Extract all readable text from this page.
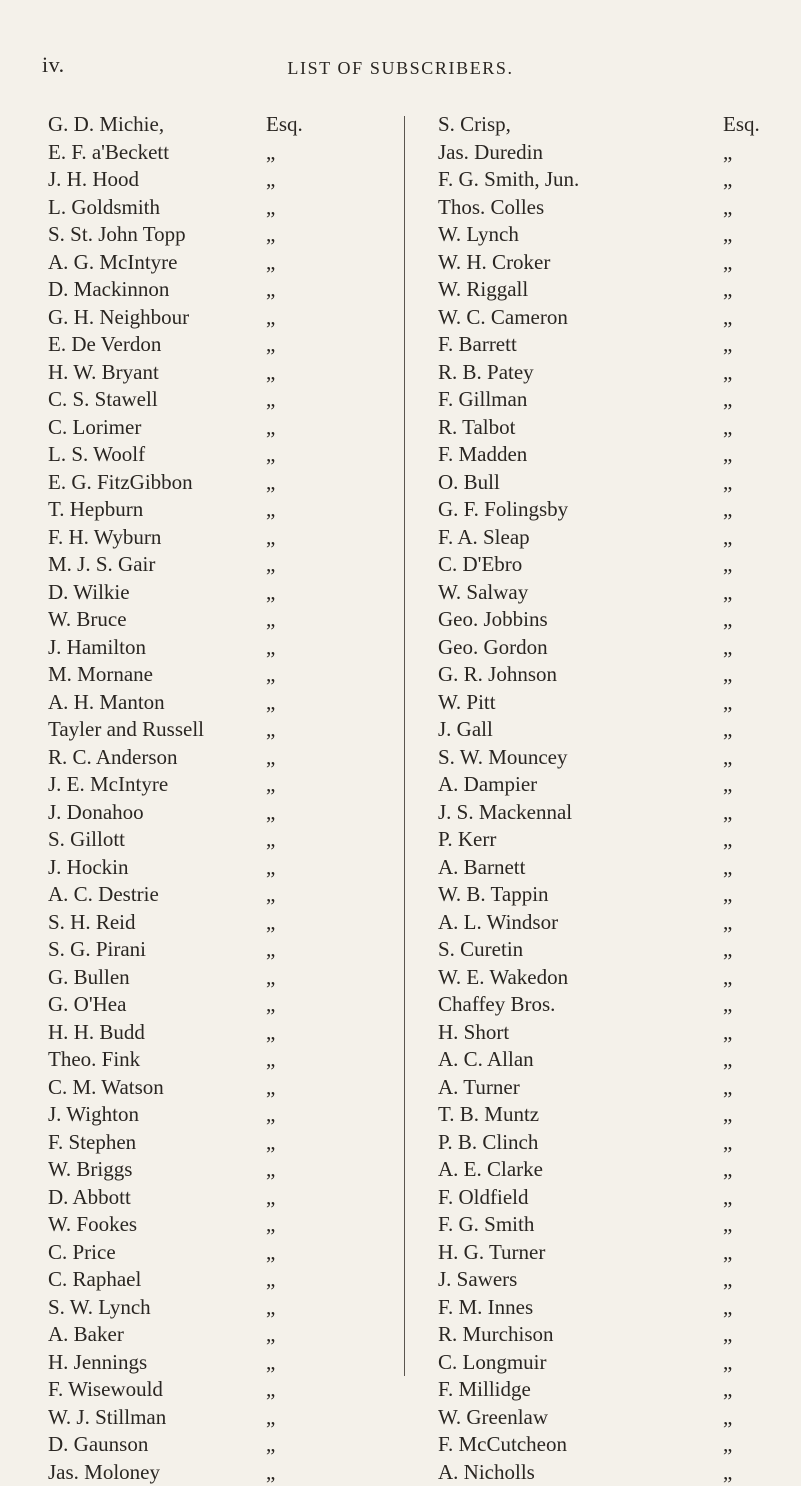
iv.	LIST OF SUBSCRIBERS.
G. D. Michie,	Esq.
E. F. a'Beckett	„
J. H. Hood	„
L. Goldsmith	„
S. St. John Topp	„
A. G. McIntyre	„
D. Mackinnon	„
G. H. Neighbour	„
E. De Verdon	„
H. W. Bryant	„
C. S. Stawell	„
C. Lorimer	„
L. S. Woolf	„
E. G. FitzGibbon	„
T. Hepburn	„
F. H. Wyburn	„
M. J. S. Gair	„
D. Wilkie	„
W. Bruce	„
J. Hamilton	„
M. Mornane	„
A. H. Manton	„
Tayler and Russell	„
R. C. Anderson	„
J. E. McIntyre	„
J. Donahoo	„
S. Gillott	„
J. Hockin	„
A. C. Destrie	„
S. H. Reid	„
S. G. Pirani	„
G. Bullen	„
G. O'Hea	„
H. H. Budd	„
Theo. Fink	„
C. M. Watson	„
J. Wighton	„
F. Stephen	„
W. Briggs	„
D. Abbott	„
W. Fookes	„
C. Price	„
C. Raphael	„
S. W. Lynch	„
A. Baker	„
H. Jennings	„
F. Wisewould	„
W. J. Stillman	„
D. Gaunson	„
Jas. Moloney	„
S. Crisp,	Esq.
Jas. Duredin	„
F. G. Smith, Jun.	„
Thos. Colles	„
W. Lynch	„
W. H. Croker	„
W. Riggall	„
W. C. Cameron	„
F. Barrett	„
R. B. Patey	„
F. Gillman	„
R. Talbot	„
F. Madden	„
O. Bull	„
G. F. Folingsby	„
F. A. Sleap	„
C. D'Ebro	„
W. Salway	„
Geo. Jobbins	„
Geo. Gordon	„
G. R. Johnson	„
W. Pitt	„
J. Gall	„
S. W. Mouncey	„
A. Dampier	„
J. S. Mackennal	„
P. Kerr	„
A. Barnett	„
W. B. Tappin	„
A. L. Windsor	„
S. Curetin	„
W. E. Wakedon	„
Chaffey Bros.	„
H. Short	„
A. C. Allan	„
A. Turner	„
T. B. Muntz	„
P. B. Clinch	„
A. E. Clarke	„
F. Oldfield	„
F. G. Smith	„
H. G. Turner	„
J. Sawers	„
F. M. Innes	„
R. Murchison	„
C. Longmuir	„
F. Millidge	„
W. Greenlaw	„
F. McCutcheon	„
A. Nicholls	„
